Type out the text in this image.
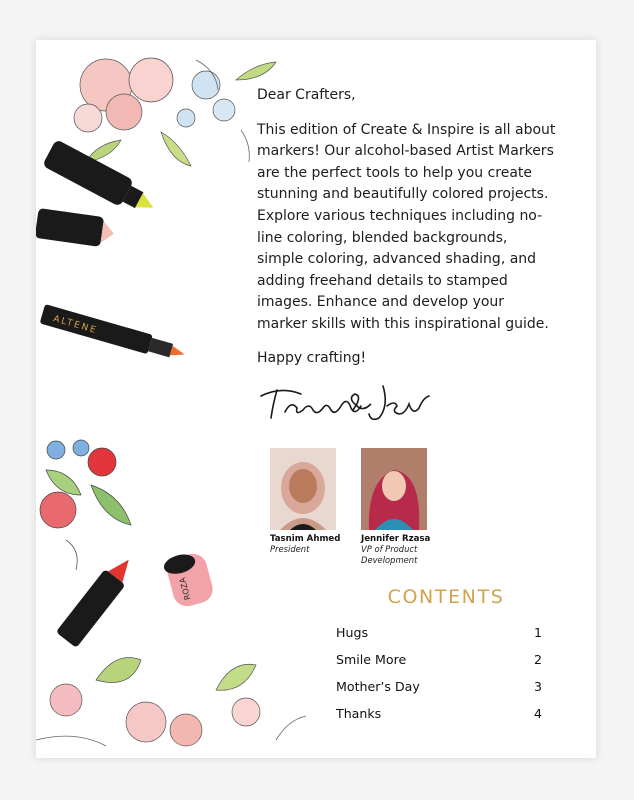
ALTENE
ROZA

Dear Crafters,

This edition of Create & Inspire is all about markers! Our alcohol-based Artist Markers are the perfect tools to help you create stunning and beautifully colored projects. Explore various techniques including no-line coloring, blended backgrounds, simple coloring, advanced shading, and adding freehand details to stamped images. Enhance and develop your marker skills with this inspirational guide.

Happy crafting!

Tasnim Ahmed
President
Jennifer Rzasa
VP of Product Development
CONTENTS
Hugs	1
Smile More	2
Mother’s Day	3
Thanks	4
